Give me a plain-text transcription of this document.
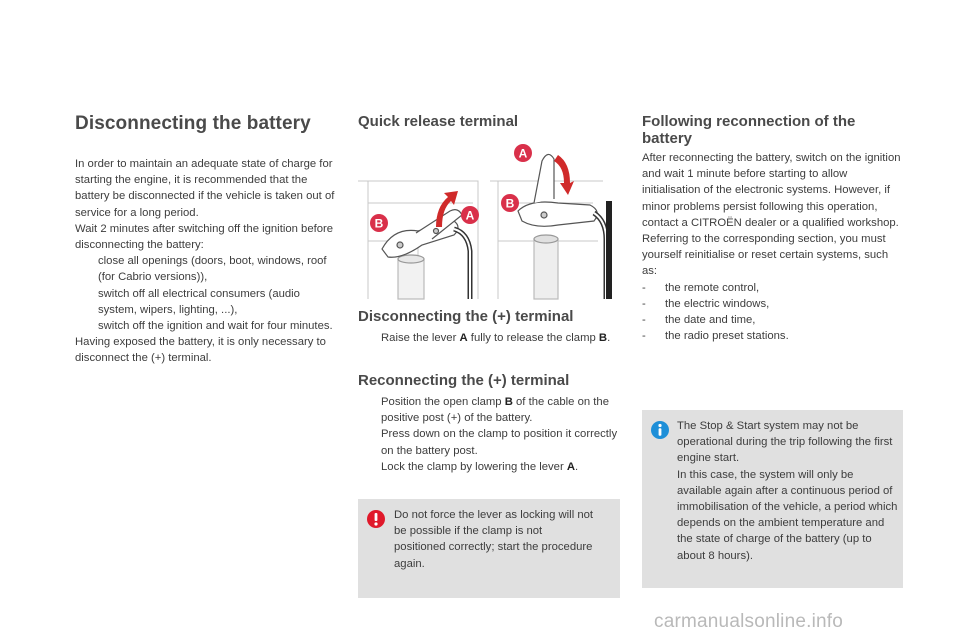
Disconnecting the battery

In order to maintain an adequate state of charge for starting the engine, it is recommended that the battery be disconnected if the vehicle is taken out of service for a long period.

Wait 2 minutes after switching off the ignition before disconnecting the battery:

close all openings (doors, boot, windows, roof (for Cabrio versions)),

switch off all electrical consumers (audio system, wipers, lighting, ...),

switch off the ignition and wait for four minutes.

Having exposed the battery, it is only necessary to disconnect the (+) terminal.

Quick release terminal
A
B
A
B
Disconnecting the (+) terminal

Raise the lever A fully to release the clamp B.

Reconnecting the (+) terminal

Position the open clamp B of the cable on the positive post (+) of the battery.

Press down on the clamp to position it correctly on the battery post.

Lock the clamp by lowering the lever A.

Do not force the lever as locking will not be possible if the clamp is not positioned correctly; start the procedure again.
Following reconnection of the battery

After reconnecting the battery, switch on the ignition and wait 1 minute before starting to allow initialisation of the electronic systems. However, if minor problems persist following this operation, contact a CITROËN dealer or a qualified workshop.

Referring to the corresponding section, you must yourself reinitialise or reset certain systems, such as:

- the remote control,

- the electric windows,

- the date and time,

- the radio preset stations.

The Stop & Start system may not be operational during the trip following the first engine start.
In this case, the system will only be available again after a continuous period of immobilisation of the vehicle, a period which depends on the ambient temperature and the state of charge of the battery (up to about 8 hours).
carmanualsonline.info
